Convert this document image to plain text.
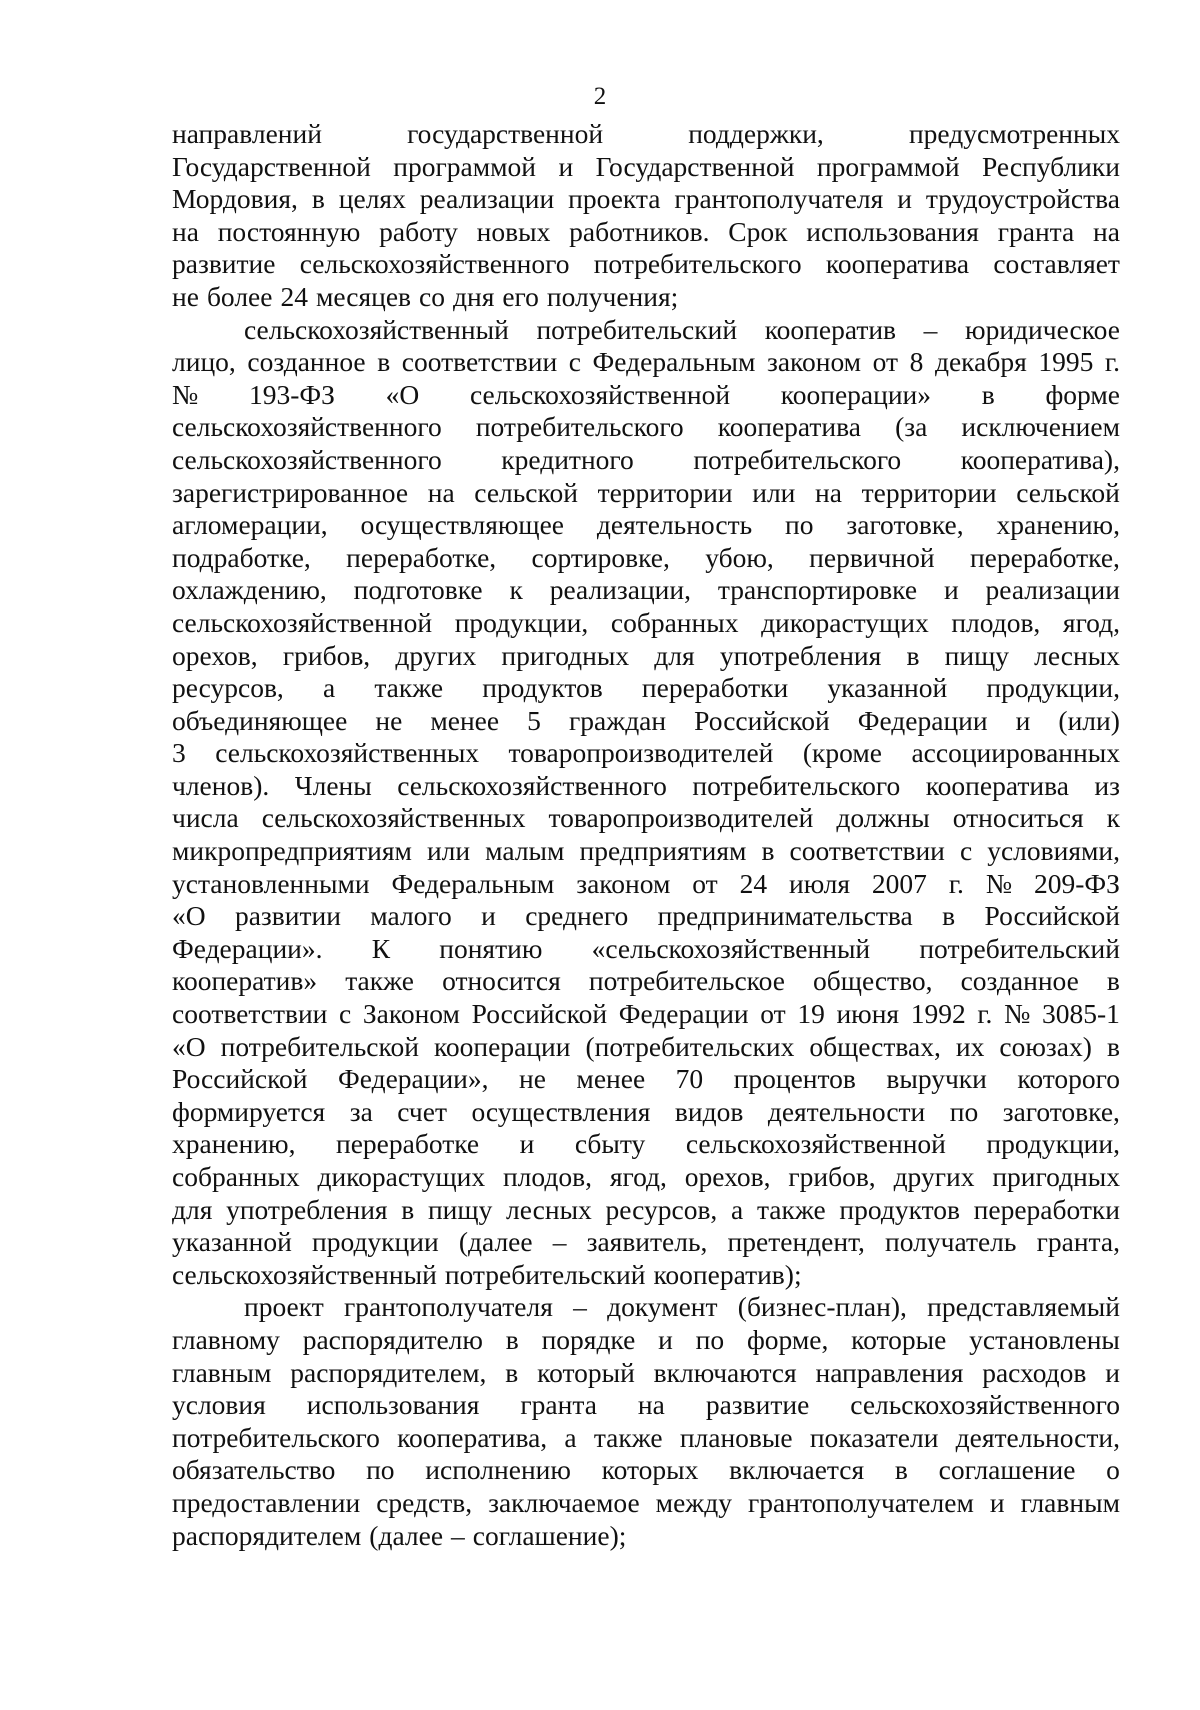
2
направлений	государственной	поддержки,	предусмотренных
Государственной программой и Государственной программой Республики
Мордовия, в целях реализации проекта грантополучателя и трудоустройства
на постоянную работу новых работников. Срок использования гранта на
развитие сельскохозяйственного потребительского кооператива составляет
не более 24 месяцев со дня его получения;
сельскохозяйственный потребительский кооператив – юридическое
лицо, созданное в соответствии с Федеральным законом от 8 декабря 1995 г.
№ 193-ФЗ «О сельскохозяйственной кооперации» в форме
сельскохозяйственного потребительского кооператива (за исключением
сельскохозяйственного кредитного потребительского кооператива),
зарегистрированное на сельской территории или на территории сельской
агломерации, осуществляющее деятельность по заготовке, хранению,
подработке, переработке, сортировке, убою, первичной переработке,
охлаждению, подготовке к реализации, транспортировке и реализации
сельскохозяйственной продукции, собранных дикорастущих плодов, ягод,
орехов, грибов, других пригодных для употребления в пищу лесных
ресурсов, а также продуктов переработки указанной продукции,
объединяющее не менее 5 граждан Российской Федерации и (или)
3 сельскохозяйственных товаропроизводителей (кроме ассоциированных
членов). Члены сельскохозяйственного потребительского кооператива из
числа сельскохозяйственных товаропроизводителей должны относиться к
микропредприятиям или малым предприятиям в соответствии с условиями,
установленными Федеральным законом от 24 июля 2007 г. № 209-ФЗ
«О развитии малого и среднего предпринимательства в Российской
Федерации». К понятию «сельскохозяйственный потребительский
кооператив» также относится потребительское общество, созданное в
соответствии с Законом Российской Федерации от 19 июня 1992 г. № 3085-1
«О потребительской кооперации (потребительских обществах, их союзах) в
Российской Федерации», не менее 70 процентов выручки которого
формируется за счет осуществления видов деятельности по заготовке,
хранению, переработке и сбыту сельскохозяйственной продукции,
собранных дикорастущих плодов, ягод, орехов, грибов, других пригодных
для употребления в пищу лесных ресурсов, а также продуктов переработки
указанной продукции (далее – заявитель, претендент, получатель гранта,
сельскохозяйственный потребительский кооператив);
проект грантополучателя – документ (бизнес-план), представляемый
главному распорядителю в порядке и по форме, которые установлены
главным распорядителем, в который включаются направления расходов и
условия использования гранта на развитие сельскохозяйственного
потребительского кооператива, а также плановые показатели деятельности,
обязательство по исполнению которых включается в соглашение о
предоставлении средств, заключаемое между грантополучателем и главным
распорядителем (далее – соглашение);
